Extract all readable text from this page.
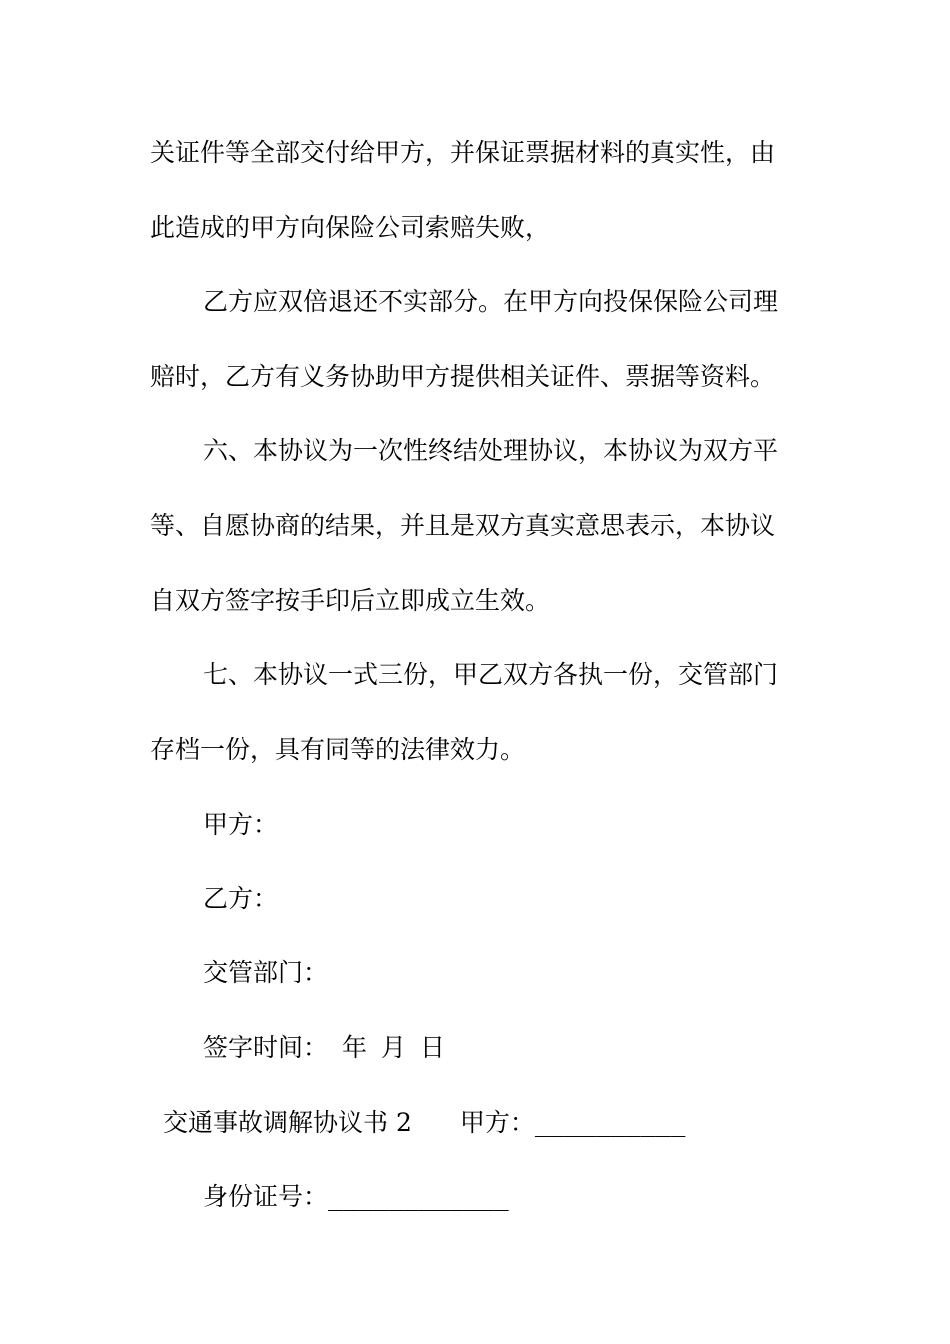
关证件等全部交付给甲方，并保证票据材料的真实性，由
此造成的甲方向保险公司索赔失败，
乙方应双倍退还不实部分。在甲方向投保保险公司理
赔时，乙方有义务协助甲方提供相关证件、票据等资料。
六、本协议为一次性终结处理协议，本协议为双方平
等、自愿协商的结果，并且是双方真实意思表示，本协议
自双方签字按手印后立即成立生效。
七、本协议一式三份，甲乙双方各执一份，交管部门
存档一份，具有同等的法律效力。
甲方：
乙方：
交管部门：
签字时间： 年 月 日
交通事故调解协议书 2 甲方：__________
身份证号：____________
